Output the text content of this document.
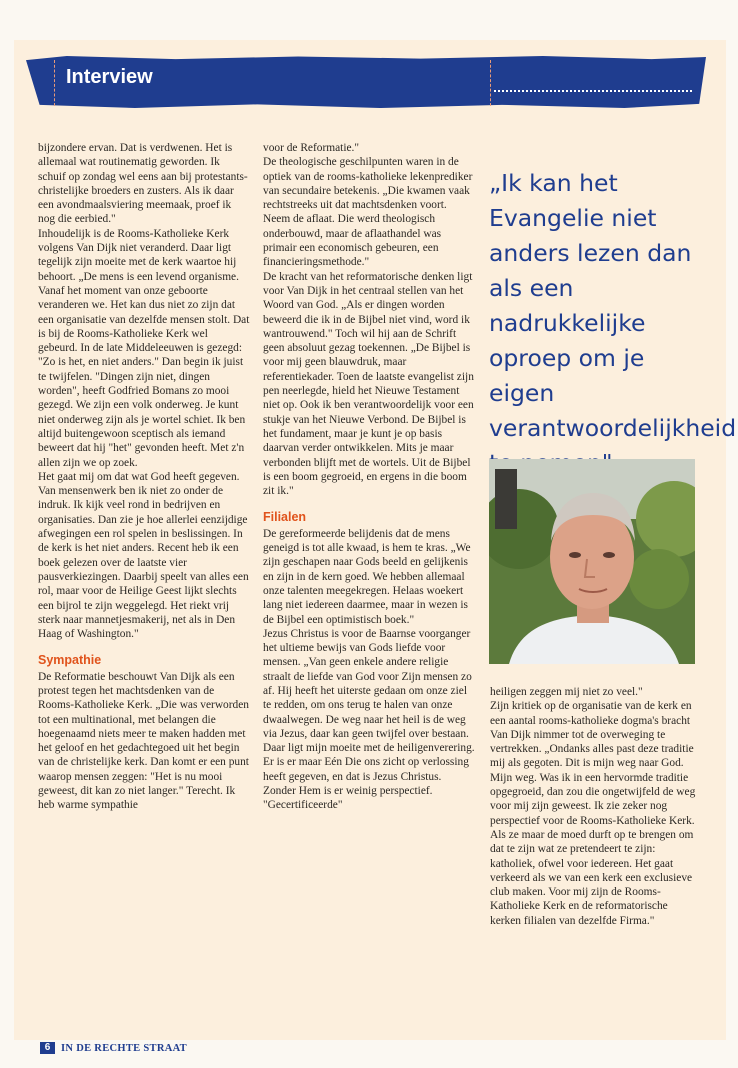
Interview

bijzondere ervan. Dat is verdwenen. Het is allemaal wat routinematig geworden. Ik schuif op zondag wel eens aan bij protestants-christelijke broeders en zusters. Als ik daar een avondmaalsviering meemaak, proef ik nog die eerbied."

Inhoudelijk is de Rooms-Katholieke Kerk volgens Van Dijk niet veranderd. Daar ligt tegelijk zijn moeite met de kerk waartoe hij behoort. „De mens is een levend organisme. Vanaf het moment van onze geboorte veranderen we. Het kan dus niet zo zijn dat een organisatie van dezelfde mensen stolt. Dat is bij de Rooms-Katholieke Kerk wel gebeurd. In de late Middeleeuwen is gezegd: "Zo is het, en niet anders." Dan begin ik juist te twijfelen. "Dingen zijn niet, dingen worden", heeft Godfried Bomans zo mooi gezegd. We zijn een volk onderweg. Je kunt niet onderweg zijn als je wortel schiet. Ik ben altijd buitengewoon sceptisch als iemand beweert dat hij "het" gevonden heeft. Met z'n allen zijn we op zoek.

Het gaat mij om dat wat God heeft gegeven. Van mensenwerk ben ik niet zo onder de indruk. Ik kijk veel rond in bedrijven en organisaties. Dan zie je hoe allerlei eenzijdige afwegingen een rol spelen in beslissingen. In de kerk is het niet anders. Recent heb ik een boek gelezen over de laatste vier pausverkiezingen. Daarbij speelt van alles een rol, maar voor de Heilige Geest lijkt slechts een bijrol te zijn weggelegd. Het riekt vrij sterk naar mannetjesmakerij, net als in Den Haag of Washington."

Sympathie

De Reformatie beschouwt Van Dijk als een protest tegen het machtsdenken van de Rooms-Katholieke Kerk. „Die was verworden tot een multinational, met belangen die hoegenaamd niets meer te maken hadden met het geloof en het gedachtegoed uit het begin van de christelijke kerk. Dan komt er een punt waarop mensen zeggen: "Het is nu mooi geweest, dit kan zo niet langer." Terecht. Ik heb warme sympathie

voor de Reformatie."

De theologische geschilpunten waren in de optiek van de rooms-katholieke lekenprediker van secundaire betekenis. „Die kwamen vaak rechtstreeks uit dat machtsdenken voort. Neem de aflaat. Die werd theologisch onderbouwd, maar de aflaathandel was primair een economisch gebeuren, een financieringsmethode."

De kracht van het reformatorische denken ligt voor Van Dijk in het centraal stellen van het Woord van God. „Als er dingen worden beweerd die ik in de Bijbel niet vind, word ik wantrouwend." Toch wil hij aan de Schrift geen absoluut gezag toekennen. „De Bijbel is voor mij geen blauwdruk, maar referentiekader. Toen de laatste evangelist zijn pen neerlegde, hield het Nieuwe Testament niet op. Ook ik ben verantwoordelijk voor een stukje van het Nieuwe Verbond. De Bijbel is het fundament, maar je kunt je op basis daarvan verder ontwikkelen. Mits je maar verbonden blijft met de wortels. Uit de Bijbel is een boom gegroeid, en ergens in die boom zit ik."

Filialen

De gereformeerde belijdenis dat de mens geneigd is tot alle kwaad, is hem te kras. „We zijn geschapen naar Gods beeld en gelijkenis en zijn in de kern goed. We hebben allemaal onze talenten meegekregen. Helaas woekert lang niet iedereen daarmee, maar in wezen is de Bijbel een optimistisch boek."

Jezus Christus is voor de Baarnse voorganger het ultieme bewijs van Gods liefde voor mensen. „Van geen enkele andere religie straalt de liefde van God voor Zijn mensen zo af. Hij heeft het uiterste gedaan om onze ziel te redden, om ons terug te halen van onze dwaalwegen. De weg naar het heil is de weg via Jezus, daar kan geen twijfel over bestaan. Daar ligt mijn moeite met de heiligenverering. Er is er maar Eén Die ons zicht op verlossing heeft gegeven, en dat is Jezus Christus. Zonder Hem is er weinig perspectief. "Gecertificeerde"

„Ik kan het Evangelie niet anders lezen dan als een nadrukkelijke oproep om je eigen verantwoordelijkheid

heiligen zeggen mij niet zo veel."

Zijn kritiek op de organisatie van de kerk en een aantal rooms-katholieke dogma's bracht Van Dijk nimmer tot de overweging te vertrekken. „Ondanks alles past deze traditie mij als gegoten. Dit is mijn weg naar God. Mijn weg. Was ik in een hervormde traditie opgegroeid, dan zou die ongetwijfeld de weg voor mij zijn geweest. Ik zie zeker nog perspectief voor de Rooms-Katholieke Kerk. Als ze maar de moed durft op te brengen om dat te zijn wat ze pretendeert te zijn: katholiek, ofwel voor iedereen. Het gaat verkeerd als we van een kerk een exclusieve club maken. Voor mij zijn de Rooms-Katholieke Kerk en de reformatorische kerken filialen van dezelfde Firma."

6	IN DE RECHTE STRAAT
